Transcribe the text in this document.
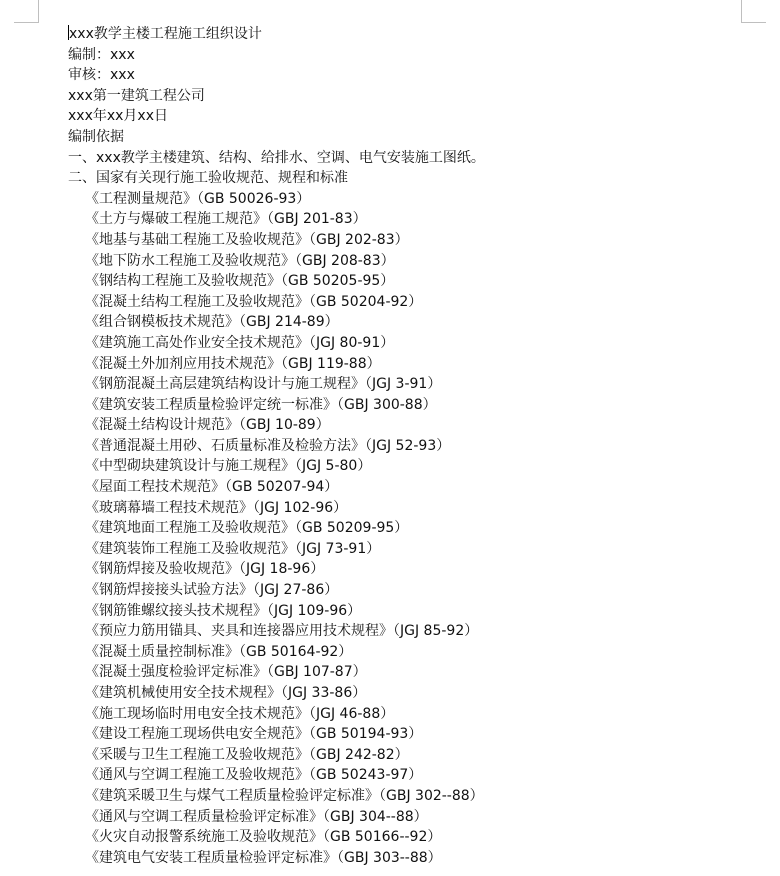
xxx教学主楼工程施工组织设计
编制：xxx
审核：xxx
xxx第一建筑工程公司
xxx年xx月xx日
编制依据
一、xxx教学主楼建筑、结构、给排水、空调、电气安装施工图纸。
二、国家有关现行施工验收规范、规程和标准
《工程测量规范》（GB 50026-93）
《土方与爆破工程施工规范》（GBJ 201-83）
《地基与基础工程施工及验收规范》（GBJ 202-83）
《地下防水工程施工及验收规范》（GBJ 208-83）
《钢结构工程施工及验收规范》（GB 50205-95）
《混凝土结构工程施工及验收规范》（GB 50204-92）
《组合钢模板技术规范》（GBJ 214-89）
《建筑施工高处作业安全技术规范》（JGJ 80-91）
《混凝土外加剂应用技术规范》（GBJ 119-88）
《钢筋混凝土高层建筑结构设计与施工规程》（JGJ 3-91）
《建筑安装工程质量检验评定统一标准》（GBJ 300-88）
《混凝土结构设计规范》（GBJ 10-89）
《普通混凝土用砂、石质量标准及检验方法》（JGJ 52-93）
《中型砌块建筑设计与施工规程》（JGJ 5-80）
《屋面工程技术规范》（GB 50207-94）
《玻璃幕墙工程技术规范》（JGJ 102-96）
《建筑地面工程施工及验收规范》（GB 50209-95）
《建筑装饰工程施工及验收规范》（JGJ 73-91）
《钢筋焊接及验收规范》（JGJ 18-96）
《钢筋焊接接头试验方法》（JGJ 27-86）
《钢筋锥螺纹接头技术规程》（JGJ 109-96）
《预应力筋用锚具、夹具和连接器应用技术规程》（JGJ 85-92）
《混凝土质量控制标准》（GB 50164-92）
《混凝土强度检验评定标准》（GBJ 107-87）
《建筑机械使用安全技术规程》（JGJ 33-86）
《施工现场临时用电安全技术规范》（JGJ 46-88）
《建设工程施工现场供电安全规范》（GB 50194-93）
《采暖与卫生工程施工及验收规范》（GBJ 242-82）
《通风与空调工程施工及验收规范》（GB 50243-97）
《建筑采暖卫生与煤气工程质量检验评定标准》（GBJ 302--88）
《通风与空调工程质量检验评定标准》（GBJ 304--88）
《火灾自动报警系统施工及验收规范》（GB 50166--92）
《建筑电气安装工程质量检验评定标准》（GBJ 303--88）
